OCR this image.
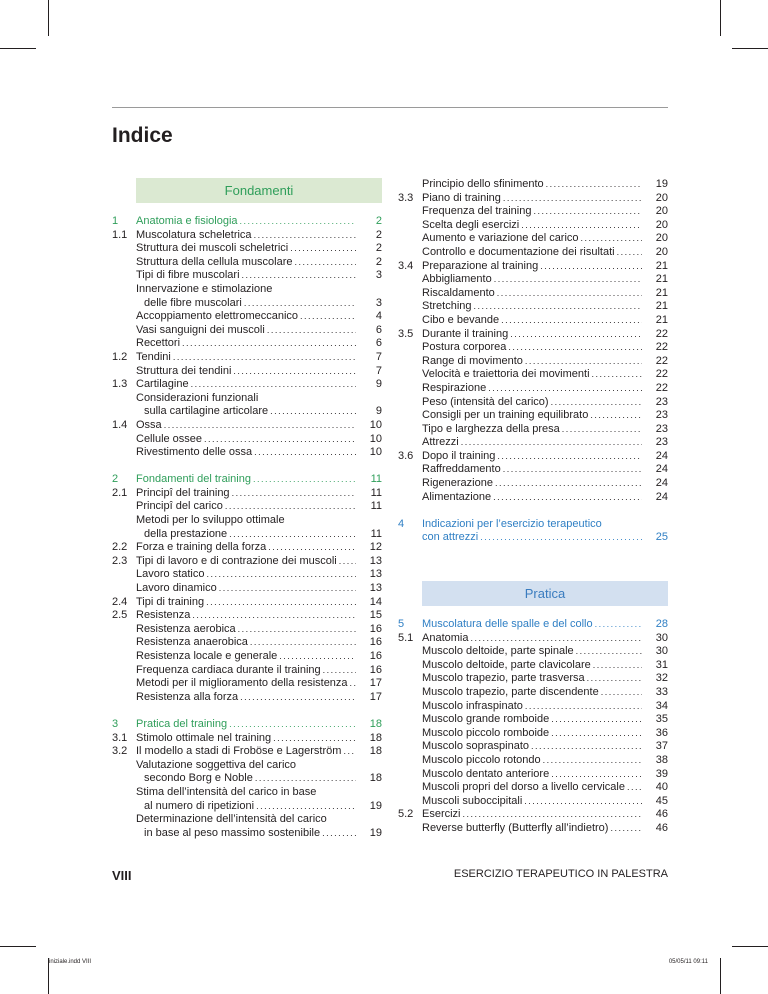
Indice
Fondamenti
1	Anatomia e fisiologia . . .	2
1.1 Muscolatura scheletrica . . .	2
Struttura dei muscoli scheletrici . . .	2
Struttura della cellula muscolare . . .	2
Tipi di fibre muscolari . . .	3
Innervazione e stimolazione
delle fibre muscolari . . .	3
Accoppiamento elettromeccanico . . .	4
Vasi sanguigni dei muscoli . . .	6
Recettori . . .	6
1.2 Tendini . . .	7
Struttura dei tendini . . .	7
1.3 Cartilagine . . .	9
Considerazioni funzionali
sulla cartilagine articolare . . .	9
1.4 Ossa . . .	10
Cellule ossee . . .	10
Rivestimento delle ossa . . .	10
2	Fondamenti del training . . .	11
2.1 Principî del training . . .	11
Principî del carico . . .	11
Metodi per lo sviluppo ottimale
della prestazione . . .	11
2.2 Forza e training della forza . . .	12
2.3 Tipi di lavoro e di contrazione dei muscoli . . .	13
Lavoro statico . . .	13
Lavoro dinamico . . .	13
2.4 Tipi di training . . .	14
2.5 Resistenza . . .	15
Resistenza aerobica . . .	16
Resistenza anaerobica . . .	16
Resistenza locale e generale . . .	16
Frequenza cardiaca durante il training . . .	16
Metodi per il miglioramento della resistenza . . .	17
Resistenza alla forza . . .	17
3	Pratica del training . . .	18
3.1 Stimolo ottimale nel training . . .	18
3.2 Il modello a stadi di Froböse e Lagerström . . .	18
Valutazione soggettiva del carico
secondo Borg e Noble . . .	18
Stima dell’intensità del carico in base
al numero di ripetizioni . . .	19
Determinazione dell’intensità del carico
in base al peso massimo sostenibile . . .	19
Principio dello sfinimento . . .	19
3.3 Piano di training . . .	20
Frequenza del training . . .	20
Scelta degli esercizi . . .	20
Aumento e variazione del carico . . .	20
Controllo e documentazione dei risultati . . .	20
3.4 Preparazione al training . . .	21
Abbigliamento . . .	21
Riscaldamento . . .	21
Stretching . . .	21
Cibo e bevande . . .	21
3.5 Durante il training . . .	22
Postura corporea . . .	22
Range di movimento . . .	22
Velocità e traiettoria dei movimenti . . .	22
Respirazione . . .	22
Peso (intensità del carico) . . .	23
Consigli per un training equilibrato . . .	23
Tipo e larghezza della presa . . .	23
Attrezzi . . .	23
3.6 Dopo il training . . .	24
Raffreddamento . . .	24
Rigenerazione . . .	24
Alimentazione . . .	24
4	Indicazioni per l’esercizio terapeutico
con attrezzi . . .	25
Pratica
5	Muscolatura delle spalle e del collo . . .	28
5.1 Anatomia . . .	30
Muscolo deltoide, parte spinale . . .	30
Muscolo deltoide, parte clavicolare . . .	31
Muscolo trapezio, parte trasversa . . .	32
Muscolo trapezio, parte discendente . . .	33
Muscolo infraspinato . . .	34
Muscolo grande romboide . . .	35
Muscolo piccolo romboide . . .	36
Muscolo sopraspinato . . .	37
Muscolo piccolo rotondo . . .	38
Muscolo dentato anteriore . . .	39
Muscoli propri del dorso a livello cervicale . . .	40
Muscoli suboccipitali . . .	45
5.2 Esercizi . . .	46
Reverse butterfly (Butterfly all’indietro) . . .	46
VIII	ESERCIZIO TERAPEUTICO IN PALESTRA
iniziale.indd VIII	05/05/11 09:11
